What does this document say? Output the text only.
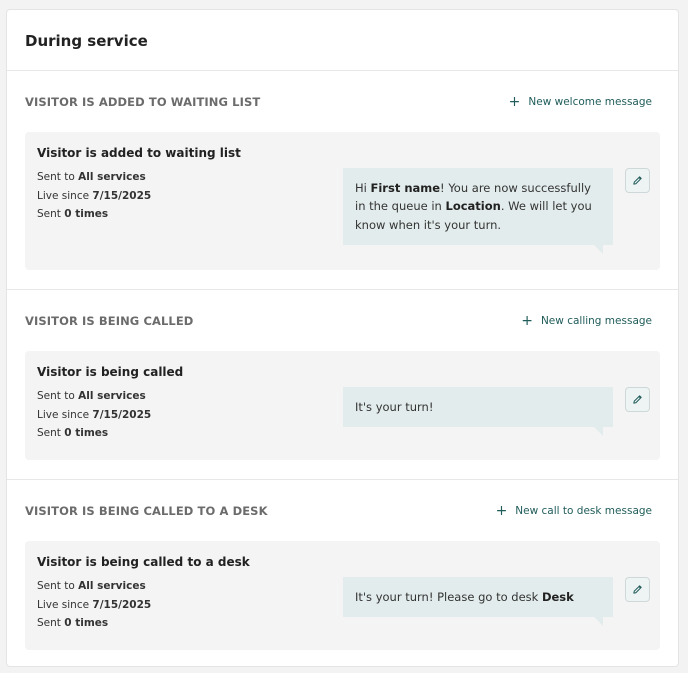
During service
VISITOR IS ADDED TO WAITING LIST	+ New welcome message
Visitor is added to waiting list
Sent to All services
Live since 7/15/2025
Sent 0 times
Hi First name! You are now successfully in the queue in Location. We will let you know when it's your turn.
VISITOR IS BEING CALLED	+ New calling message
Visitor is being called
Sent to All services
Live since 7/15/2025
Sent 0 times
It's your turn!
VISITOR IS BEING CALLED TO A DESK	+ New call to desk message
Visitor is being called to a desk
Sent to All services
Live since 7/15/2025
Sent 0 times
It's your turn! Please go to desk Desk
